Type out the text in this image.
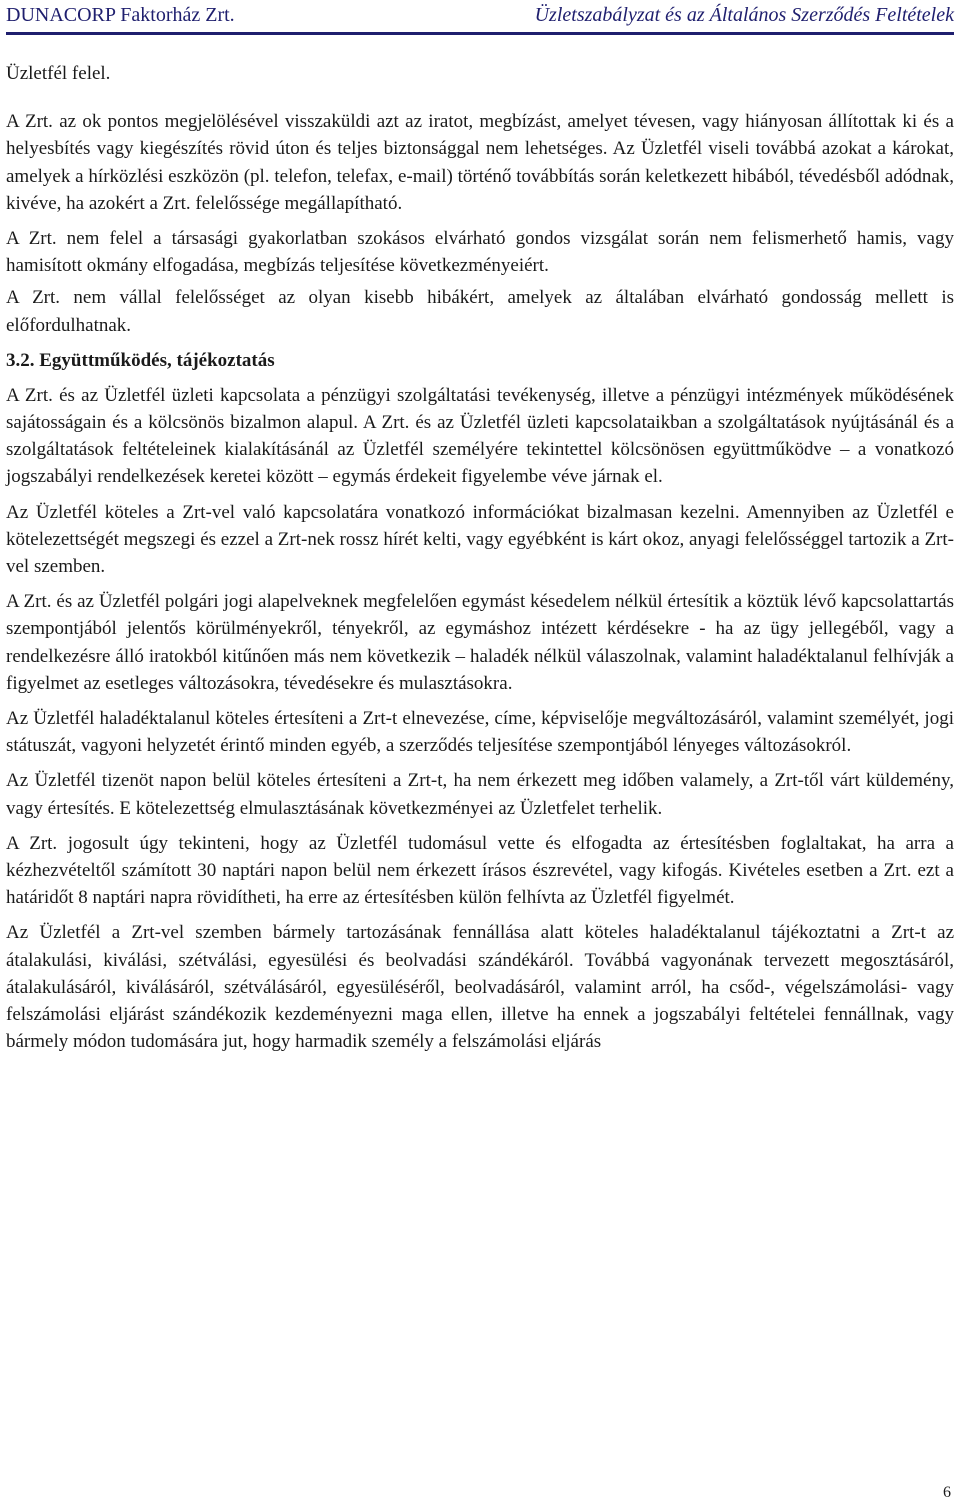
DUNACORP Faktorház Zrt.	Üzletszabályzat és az Általános Szerződés Feltételek

Üzletfél felel.

A Zrt. az ok pontos megjelölésével visszaküldi azt az iratot, megbízást, amelyet tévesen, vagy hiányosan állítottak ki és a helyesbítés vagy kiegészítés rövid úton és teljes biztonsággal nem lehetséges. Az Üzletfél viseli továbbá azokat a károkat, amelyek a hírközlési eszközön (pl. telefon, telefax, e-mail) történő továbbítás során keletkezett hibából, tévedésből adódnak, kivéve, ha azokért a Zrt. felelőssége megállapítható.

A Zrt. nem felel a társasági gyakorlatban szokásos elvárható gondos vizsgálat során nem felismerhető hamis, vagy hamisított okmány elfogadása, megbízás teljesítése következményeiért.

A Zrt. nem vállal felelősséget az olyan kisebb hibákért, amelyek az általában elvárható gondosság mellett is előfordulhatnak.

3.2. Együttműködés, tájékoztatás

A Zrt. és az Üzletfél üzleti kapcsolata a pénzügyi szolgáltatási tevékenység, illetve a pénzügyi intézmények működésének sajátosságain és a kölcsönös bizalmon alapul. A Zrt. és az Üzletfél üzleti kapcsolataikban a szolgáltatások nyújtásánál és a szolgáltatások feltételeinek kialakításánál az Üzletfél személyére tekintettel kölcsönösen együttműködve – a vonatkozó jogszabályi rendelkezések keretei között – egymás érdekeit figyelembe véve járnak el.

Az Üzletfél köteles a Zrt-vel való kapcsolatára vonatkozó információkat bizalmasan kezelni. Amennyiben az Üzletfél e kötelezettségét megszegi és ezzel a Zrt-nek rossz hírét kelti, vagy egyébként is kárt okoz, anyagi felelősséggel tartozik a Zrt-vel szemben.

A Zrt. és az Üzletfél polgári jogi alapelveknek megfelelően egymást késedelem nélkül értesítik a köztük lévő kapcsolattartás szempontjából jelentős körülményekről, tényekről, az egymáshoz intézett kérdésekre - ha az ügy jellegéből, vagy a rendelkezésre álló iratokból kitűnően más nem következik – haladék nélkül válaszolnak, valamint haladéktalanul felhívják a figyelmet az esetleges változásokra, tévedésekre és mulasztásokra.

Az Üzletfél haladéktalanul köteles értesíteni a Zrt-t elnevezése, címe, képviselője megváltozásáról, valamint személyét, jogi státuszát, vagyoni helyzetét érintő minden egyéb, a szerződés teljesítése szempontjából lényeges változásokról.

Az Üzletfél tizenöt napon belül köteles értesíteni a Zrt-t, ha nem érkezett meg időben valamely, a Zrt-től várt küldemény, vagy értesítés. E kötelezettség elmulasztásának következményei az Üzletfelet terhelik.

A Zrt. jogosult úgy tekinteni, hogy az Üzletfél tudomásul vette és elfogadta az értesítésben foglaltakat, ha arra a kézhezvételtől számított 30 naptári napon belül nem érkezett írásos észrevétel, vagy kifogás. Kivételes esetben a Zrt. ezt a határidőt 8 naptári napra rövidítheti, ha erre az értesítésben külön felhívta az Üzletfél figyelmét.

Az Üzletfél a Zrt-vel szemben bármely tartozásának fennállása alatt köteles haladéktalanul tájékoztatni a Zrt-t az átalakulási, kiválási, szétválási, egyesülési és beolvadási szándékáról. Továbbá vagyonának tervezett megosztásáról, átalakulásáról, kiválásáról, szétválásáról, egyesüléséről, beolvadásáról, valamint arról, ha csőd-, végelszámolási- vagy felszámolási eljárást szándékozik kezdeményezni maga ellen, illetve ha ennek a jogszabályi feltételei fennállnak, vagy bármely módon tudomására jut, hogy harmadik személy a felszámolási eljárás

6
